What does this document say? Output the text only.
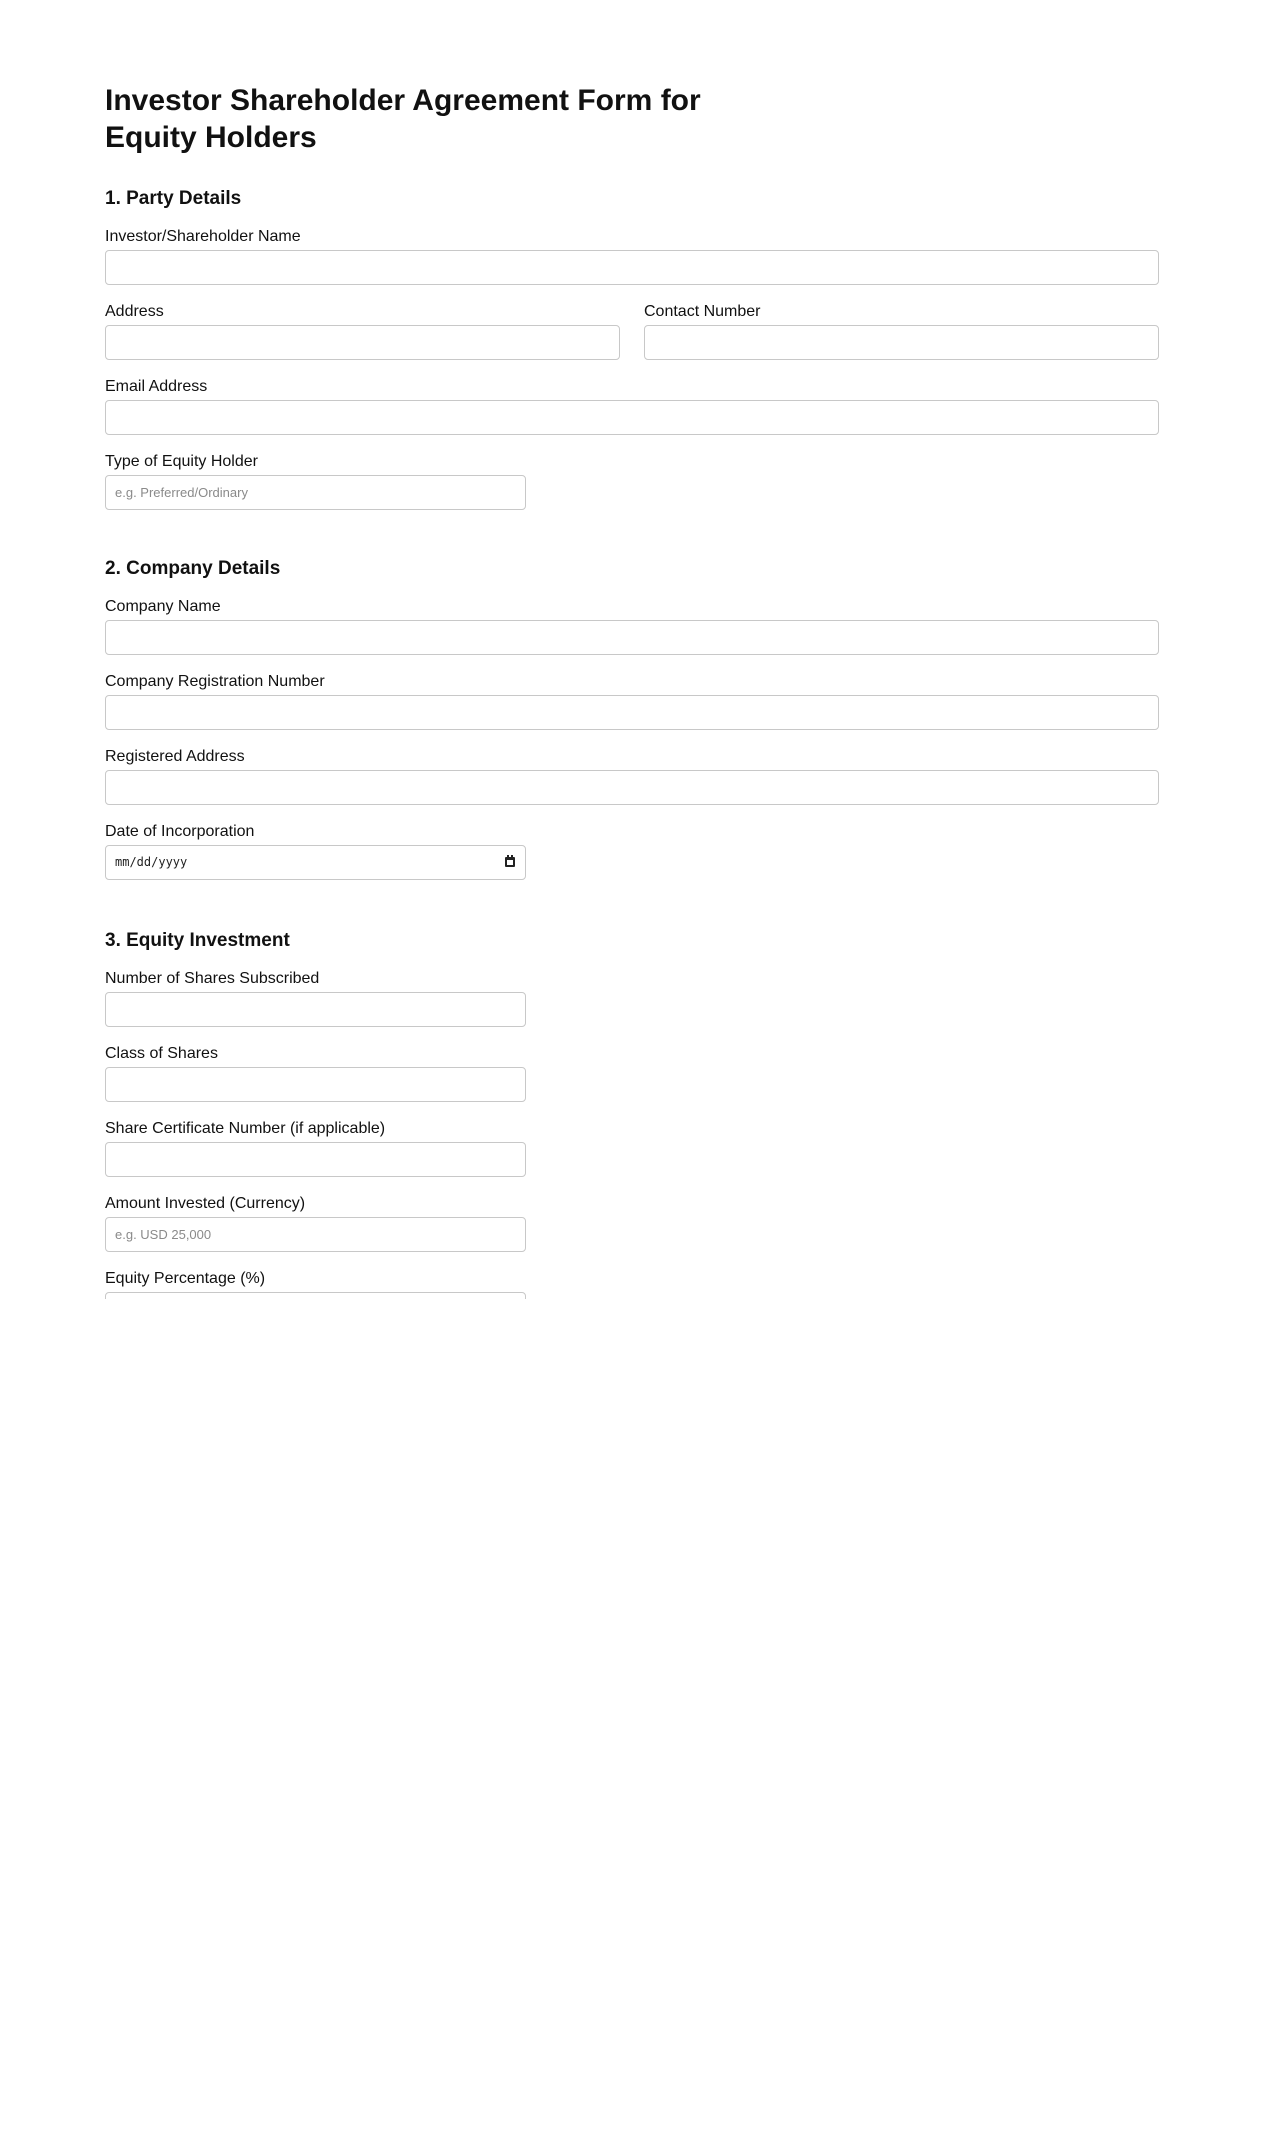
Investor Shareholder Agreement Form for Equity Holders
1. Party Details
Investor/Shareholder Name
Address	Contact Number
Email Address
Type of Equity Holder
e.g. Preferred/Ordinary
2. Company Details
Company Name
Company Registration Number
Registered Address
Date of Incorporation
mm/dd/yyyy
3. Equity Investment
Number of Shares Subscribed
Class of Shares
Share Certificate Number (if applicable)
Amount Invested (Currency)
e.g. USD 25,000
Equity Percentage (%)
